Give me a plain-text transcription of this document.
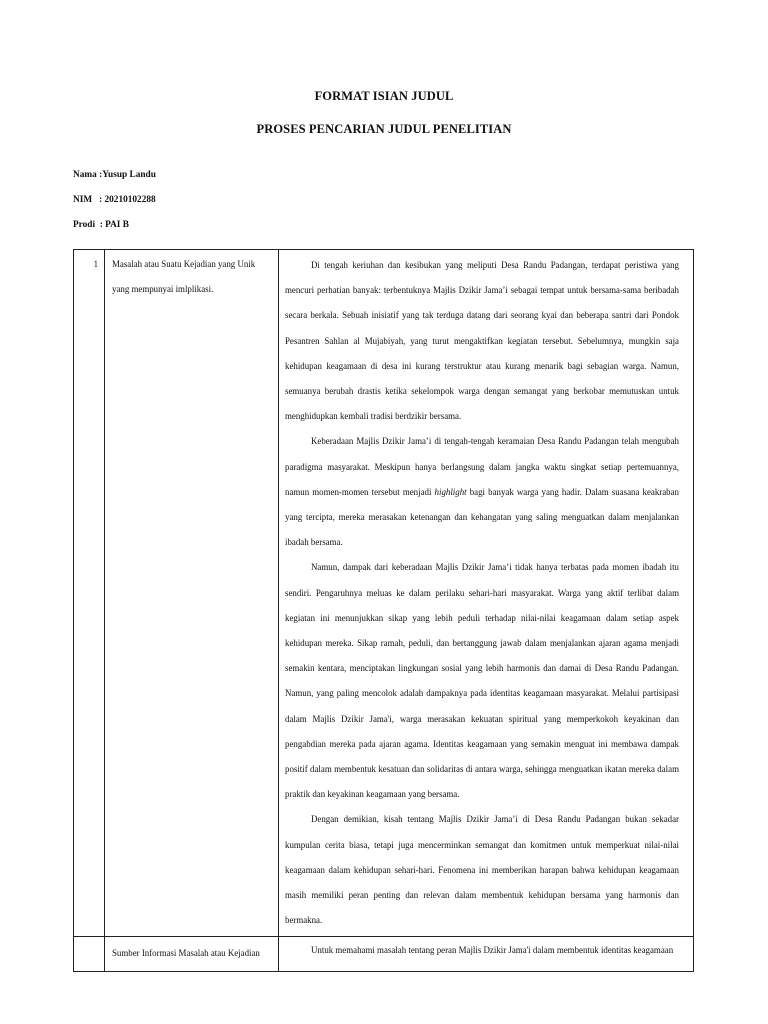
FORMAT ISIAN JUDUL
PROSES PENCARIAN JUDUL PENELITIAN
Nama :Yusup Landu
NIM   : 20210102288
Prodi  : PAI B
1	Masalah atau Suatu Kejadian yang Unik yang mempunyai imlplikasi.	Di tengah keriuhan dan kesibukan yang meliputi Desa Randu Padangan, terdapat peristiwa yang mencuri perhatian banyak: terbentuknya Majlis Dzikir Jama’i sebagai tempat untuk bersama-sama beribadah secara berkala. Sebuah inisiatif yang tak terduga datang dari seorang kyai dan beberapa santri dari Pondok Pesantren Sahlan al Mujabiyah, yang turut mengaktifkan kegiatan tersebut. Sebelumnya, mungkin saja kehidupan keagamaan di desa ini kurang terstruktur atau kurang menarik bagi sebagian warga. Namun, semuanya berubah drastis ketika sekelompok warga dengan semangat yang berkobar memutuskan untuk menghidupkan kembali tradisi berdzikir bersama.

Keberadaan Majlis Dzikir Jama’i di tengah-tengah keramaian Desa Randu Padangan telah mengubah paradigma masyarakat. Meskipun hanya berlangsung dalam jangka waktu singkat setiap pertemuannya, namun momen-momen tersebut menjadi highlight bagi banyak warga yang hadir. Dalam suasana keakraban yang tercipta, mereka merasakan ketenangan dan kehangatan yang saling menguatkan dalam menjalankan ibadah bersama.

Namun, dampak dari keberadaan Majlis Dzikir Jama’i tidak hanya terbatas pada momen ibadah itu sendiri. Pengaruhnya meluas ke dalam perilaku sehari-hari masyarakat. Warga yang aktif terlibat dalam kegiatan ini menunjukkan sikap yang lebih peduli terhadap nilai-nilai keagamaan dalam setiap aspek kehidupan mereka. Sikap ramah, peduli, dan bertanggung jawab dalam menjalankan ajaran agama menjadi semakin kentara, menciptakan lingkungan sosial yang lebih harmonis dan damai di Desa Randu Padangan. Namun, yang paling mencolok adalah dampaknya pada identitas keagamaan masyarakat. Melalui partisipasi dalam Majlis Dzikir Jama'i, warga merasakan kekuatan spiritual yang memperkokoh keyakinan dan pengabdian mereka pada ajaran agama. Identitas keagamaan yang semakin menguat ini membawa dampak positif dalam membentuk kesatuan dan solidaritas di antara warga, sehingga menguatkan ikatan mereka dalam praktik dan keyakinan keagamaan yang bersama.

Dengan demikian, kisah tentang Majlis Dzikir Jama’i di Desa Randu Padangan bukan sekadar kumpulan cerita biasa, tetapi juga mencerminkan semangat dan komitmen untuk memperkuat nilai-nilai keagamaan dalam kehidupan sehari-hari. Fenomena ini memberikan harapan bahwa kehidupan keagamaan masih memiliki peran penting dan relevan dalam membentuk kehidupan bersama yang harmonis dan bermakna.

	Sumber Informasi Masalah atau Kejadian	Untuk memahami masalah tentang peran Majlis Dzikir Jama'i dalam membentuk identitas keagamaan
